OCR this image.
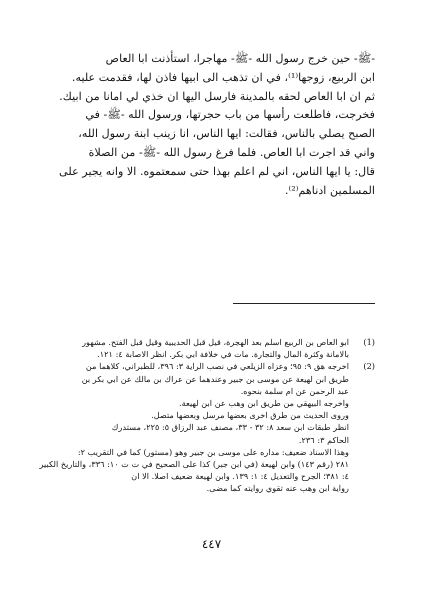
-ﷺ- حين خرج رسول الله -ﷺ- مهاجرا، استأذنت ابا العاص
ابن الربيع، زوجها⁽¹⁾، في ان تذهب الى ابيها فاذن لها، فقدمت عليه.
ثم ان ابا العاص لحقه بالمدينة فارسل اليها ان خذي لي امانا من ابيك.
فخرجت، فاطلعت رأسها من باب حجرتها، ورسول الله -ﷺ- في
الصبح يصلي بالناس، فقالت: ايها الناس، انا زينب ابنة رسول الله،
واني قد اجرت ابا العاص. فلما فرغ رسول الله -ﷺ- من الصلاة
قال: يا ايها الناس، اني لم اعلم بهذا حتى سمعتموه. الا وانه يجير على
المسلمين ادناهم⁽²⁾.
(1)
ابو العاص بن الربيع اسلم بعد الهجرة، قيل قبل الحديبية وقيل قبل الفتح. مشهور
بالامانة وكثرة المال والتجارة. مات في خلافة ابي بكر. انظر الاصابة ٤: ١٢١.
(2)
اخرجه هق ٩: ٩٥؛ وعزاه الزيلعي في نصب الراية ٣: ٣٩٦، للطبراني، كلاهما من
طريق ابن لهيعة عن موسى بن جبير وعندهما عن عراك بن مالك عن ابي بكر بن
عبد الرحمن عن ام سلمة بنحوه.
واخرجه البيهقي من طريق ابن وهب عن ابن لهيعة.
وروى الحديث من طرق اخرى بعضها مرسل وبعضها متصل.
انظر طبقات ابن سعد ٨: ٣٢ - ٣٣، مصنف عبد الرزاق ٥: ٢٢٥، مستدرك
الحاكم ٣: ٢٣٦.
وهذا الاسناد ضعيف: مداره على موسى بن جبير وهو (مستور) كما في التقريب ٢:
٢٨١ (رقم ١٤٣) وابن لهيعة (في ابن جبر) كذا على الصحيح في ت ت ١٠: ٣٣٦، والتاريخ الكبير
٤: ٣٨١؛ الجرح والتعديل ٤: ١: ١٣٩. وابن لهيعة ضعيف اصلا. الا ان
رواية ابن وهب عنه تقوي روايته كما مضى.
٤٤٧
